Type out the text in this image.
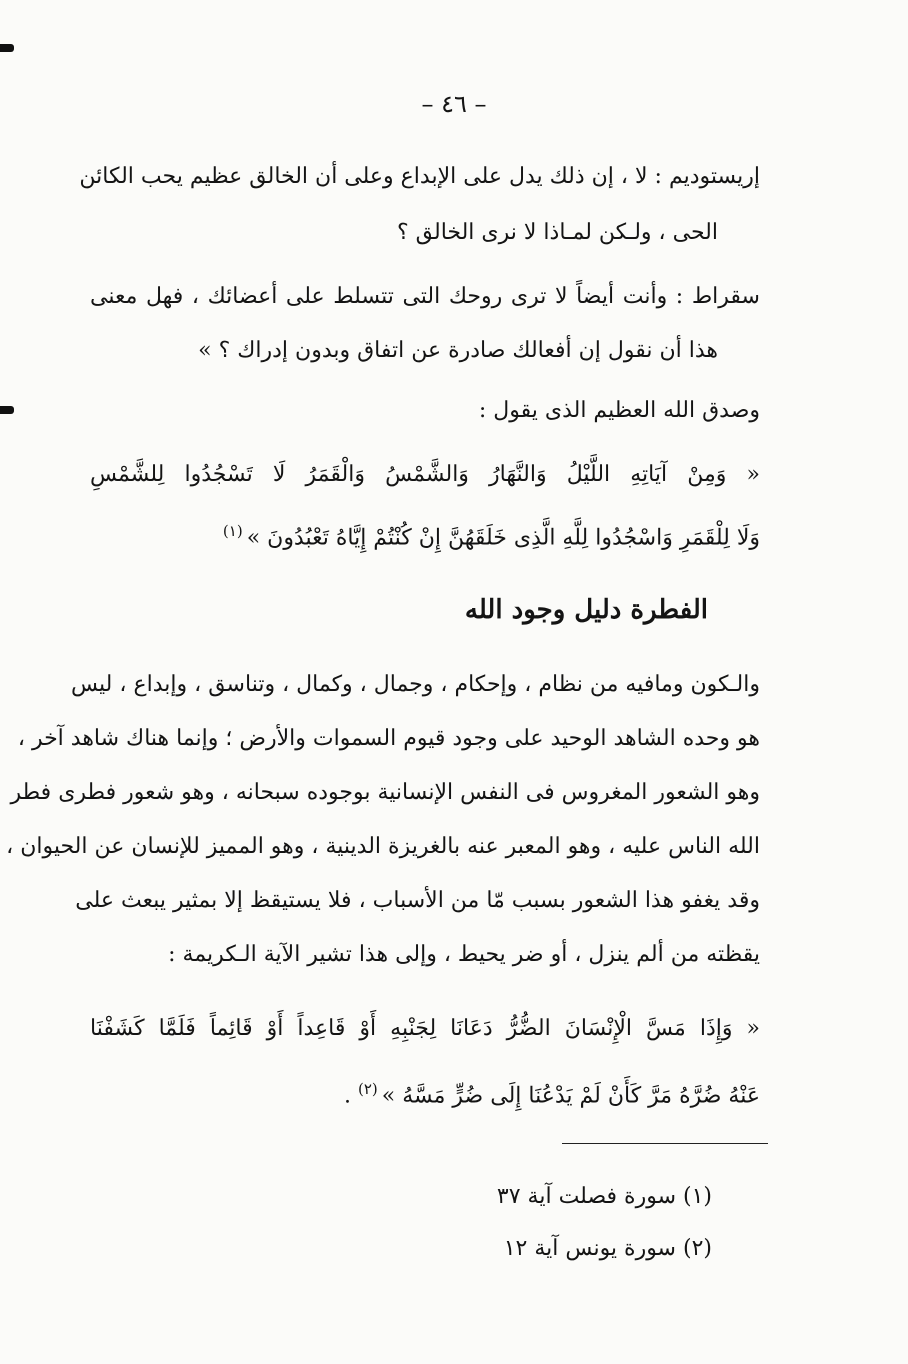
– ٤٦ –
إريستوديم : لا ، إن ذلك يدل على الإبداع وعلى أن الخالق عظيم يحب الكائن
الحى ، ولـكن لمـاذا لا نرى الخالق ؟
سقراط : وأنت أيضاً لا ترى روحك التى تتسلط على أعضائك ، فهل معنى
هذا أن نقول إن أفعالك صادرة عن اتفاق وبدون إدراك ؟ »
وصدق الله العظيم الذى يقول :
« وَمِنْ آيَاتِهِ اللَّيْلُ وَالنَّهَارُ وَالشَّمْسُ وَالْقَمَرُ لَا تَسْجُدُوا لِلشَّمْسِ
وَلَا لِلْقَمَرِ وَاسْجُدُوا لِلَّهِ الَّذِى خَلَقَهُنَّ إِنْ كُنْتُمْ إِيَّاهُ تَعْبُدُونَ »$^{(١)}$
الفطرة دليل وجود الله
والـكون ومافيه من نظام ، وإحكام ، وجمال ، وكمال ، وتناسق ، وإبداع ، ليس
هو وحده الشاهد الوحيد على وجود قيوم السموات والأرض ؛ وإنما هناك شاهد آخر ،
وهو الشعور المغروس فى النفس الإنسانية بوجوده سبحانه ، وهو شعور فطرى فطر
الله الناس عليه ، وهو المعبر عنه بالغريزة الدينية ، وهو المميز للإنسان عن الحيوان ،
وقد يغفو هذا الشعور بسبب مّا من الأسباب ، فلا يستيقظ إلا بمثير يبعث على
يقظته من ألم ينزل ، أو ضر يحيط ، وإلى هذا تشير الآية الـكريمة :
« وَإِذَا مَسَّ الْإِنْسَانَ الضُّرُّ دَعَانَا لِجَنْبِهِ أَوْ قَاعِداً أَوْ قَائِماً فَلَمَّا كَشَفْنَا
عَنْهُ ضُرَّهُ مَرَّ كَأَنْ لَمْ يَدْعُنَا إِلَى ضُرٍّ مَسَّهُ »$^{(٢)}$ .
(١) سورة فصلت آية ٣٧
(٢) سورة يونس آية ١٢
